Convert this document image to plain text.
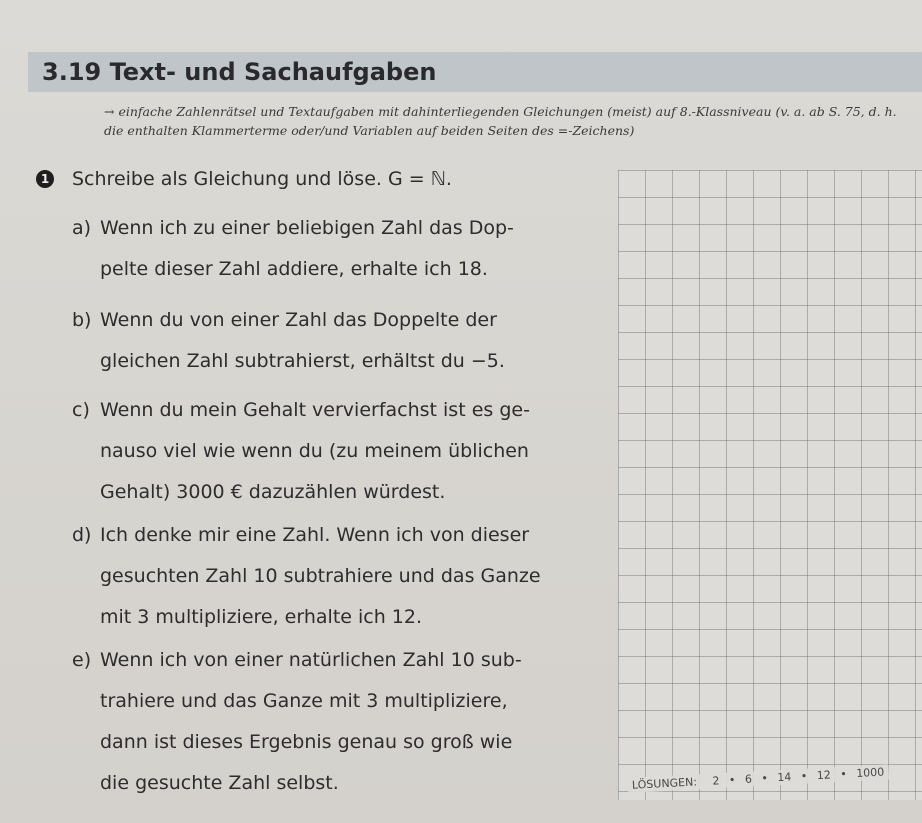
3.19 Text- und Sachaufgaben
→ einfache Zahlenrätsel und Textaufgaben mit dahinterliegenden Gleichungen (meist) auf 8.-Klassniveau (v. a. ab S. 75, d. h. die enthalten Klammerterme oder/und Variablen auf beiden Seiten des =-Zeichens)
1 Schreibe als Gleichung und löse. G = ℕ.
a) Wenn ich zu einer beliebigen Zahl das Dop-
pelte dieser Zahl addiere, erhalte ich 18.
b) Wenn du von einer Zahl das Doppelte der
gleichen Zahl subtrahierst, erhältst du −5.
c) Wenn du mein Gehalt vervierfachst ist es ge-
nauso viel wie wenn du (zu meinem üblichen
Gehalt) 3000 € dazuzählen würdest.
d) Ich denke mir eine Zahl. Wenn ich von dieser
gesuchten Zahl 10 subtrahiere und das Ganze
mit 3 multipliziere, erhalte ich 12.
e) Wenn ich von einer natürlichen Zahl 10 sub-
trahiere und das Ganze mit 3 multipliziere,
dann ist dieses Ergebnis genau so groß wie
die gesuchte Zahl selbst.	LÖSUNGEN: 2 • 6 • 14 • 12 • 1000
